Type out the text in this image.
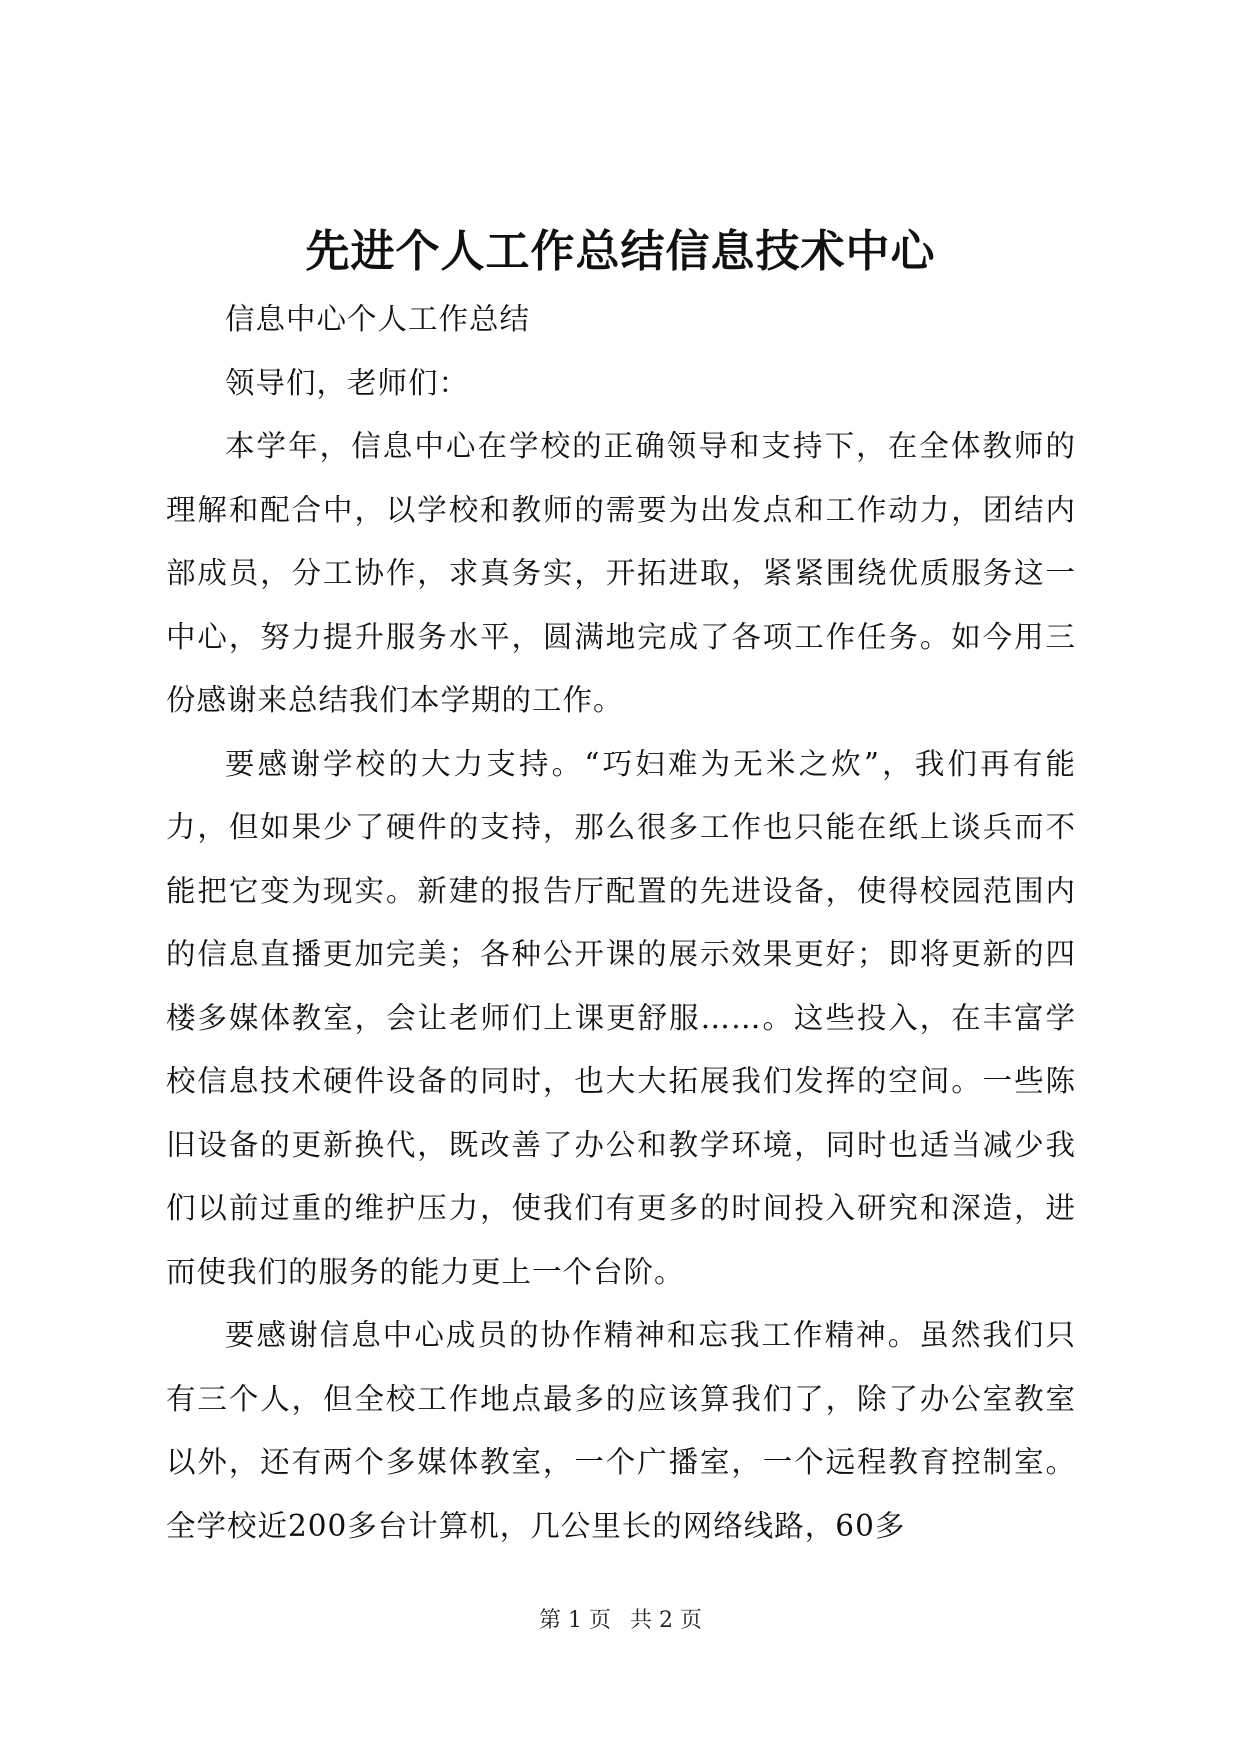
先进个人工作总结信息技术中心

信息中心个人工作总结

领导们，老师们：

本学年，信息中心在学校的正确领导和支持下，在全体教师的理解和配合中，以学校和教师的需要为出发点和工作动力，团结内部成员，分工协作，求真务实，开拓进取，紧紧围绕优质服务这一中心，努力提升服务水平，圆满地完成了各项工作任务。如今用三份感谢来总结我们本学期的工作。

要感谢学校的大力支持。“巧妇难为无米之炊”，我们再有能力，但如果少了硬件的支持，那么很多工作也只能在纸上谈兵而不能把它变为现实。新建的报告厅配置的先进设备，使得校园范围内的信息直播更加完美；各种公开课的展示效果更好；即将更新的四楼多媒体教室，会让老师们上课更舒服……。这些投入，在丰富学校信息技术硬件设备的同时，也大大拓展我们发挥的空间。一些陈旧设备的更新换代，既改善了办公和教学环境，同时也适当减少我们以前过重的维护压力，使我们有更多的时间投入研究和深造，进而使我们的服务的能力更上一个台阶。

要感谢信息中心成员的协作精神和忘我工作精神。虽然我们只有三个人，但全校工作地点最多的应该算我们了，除了办公室教室以外，还有两个多媒体教室，一个广播室，一个远程教育控制室。全学校近200多台计算机，几公里长的网络线路，60多

第 1 页 共 2 页
